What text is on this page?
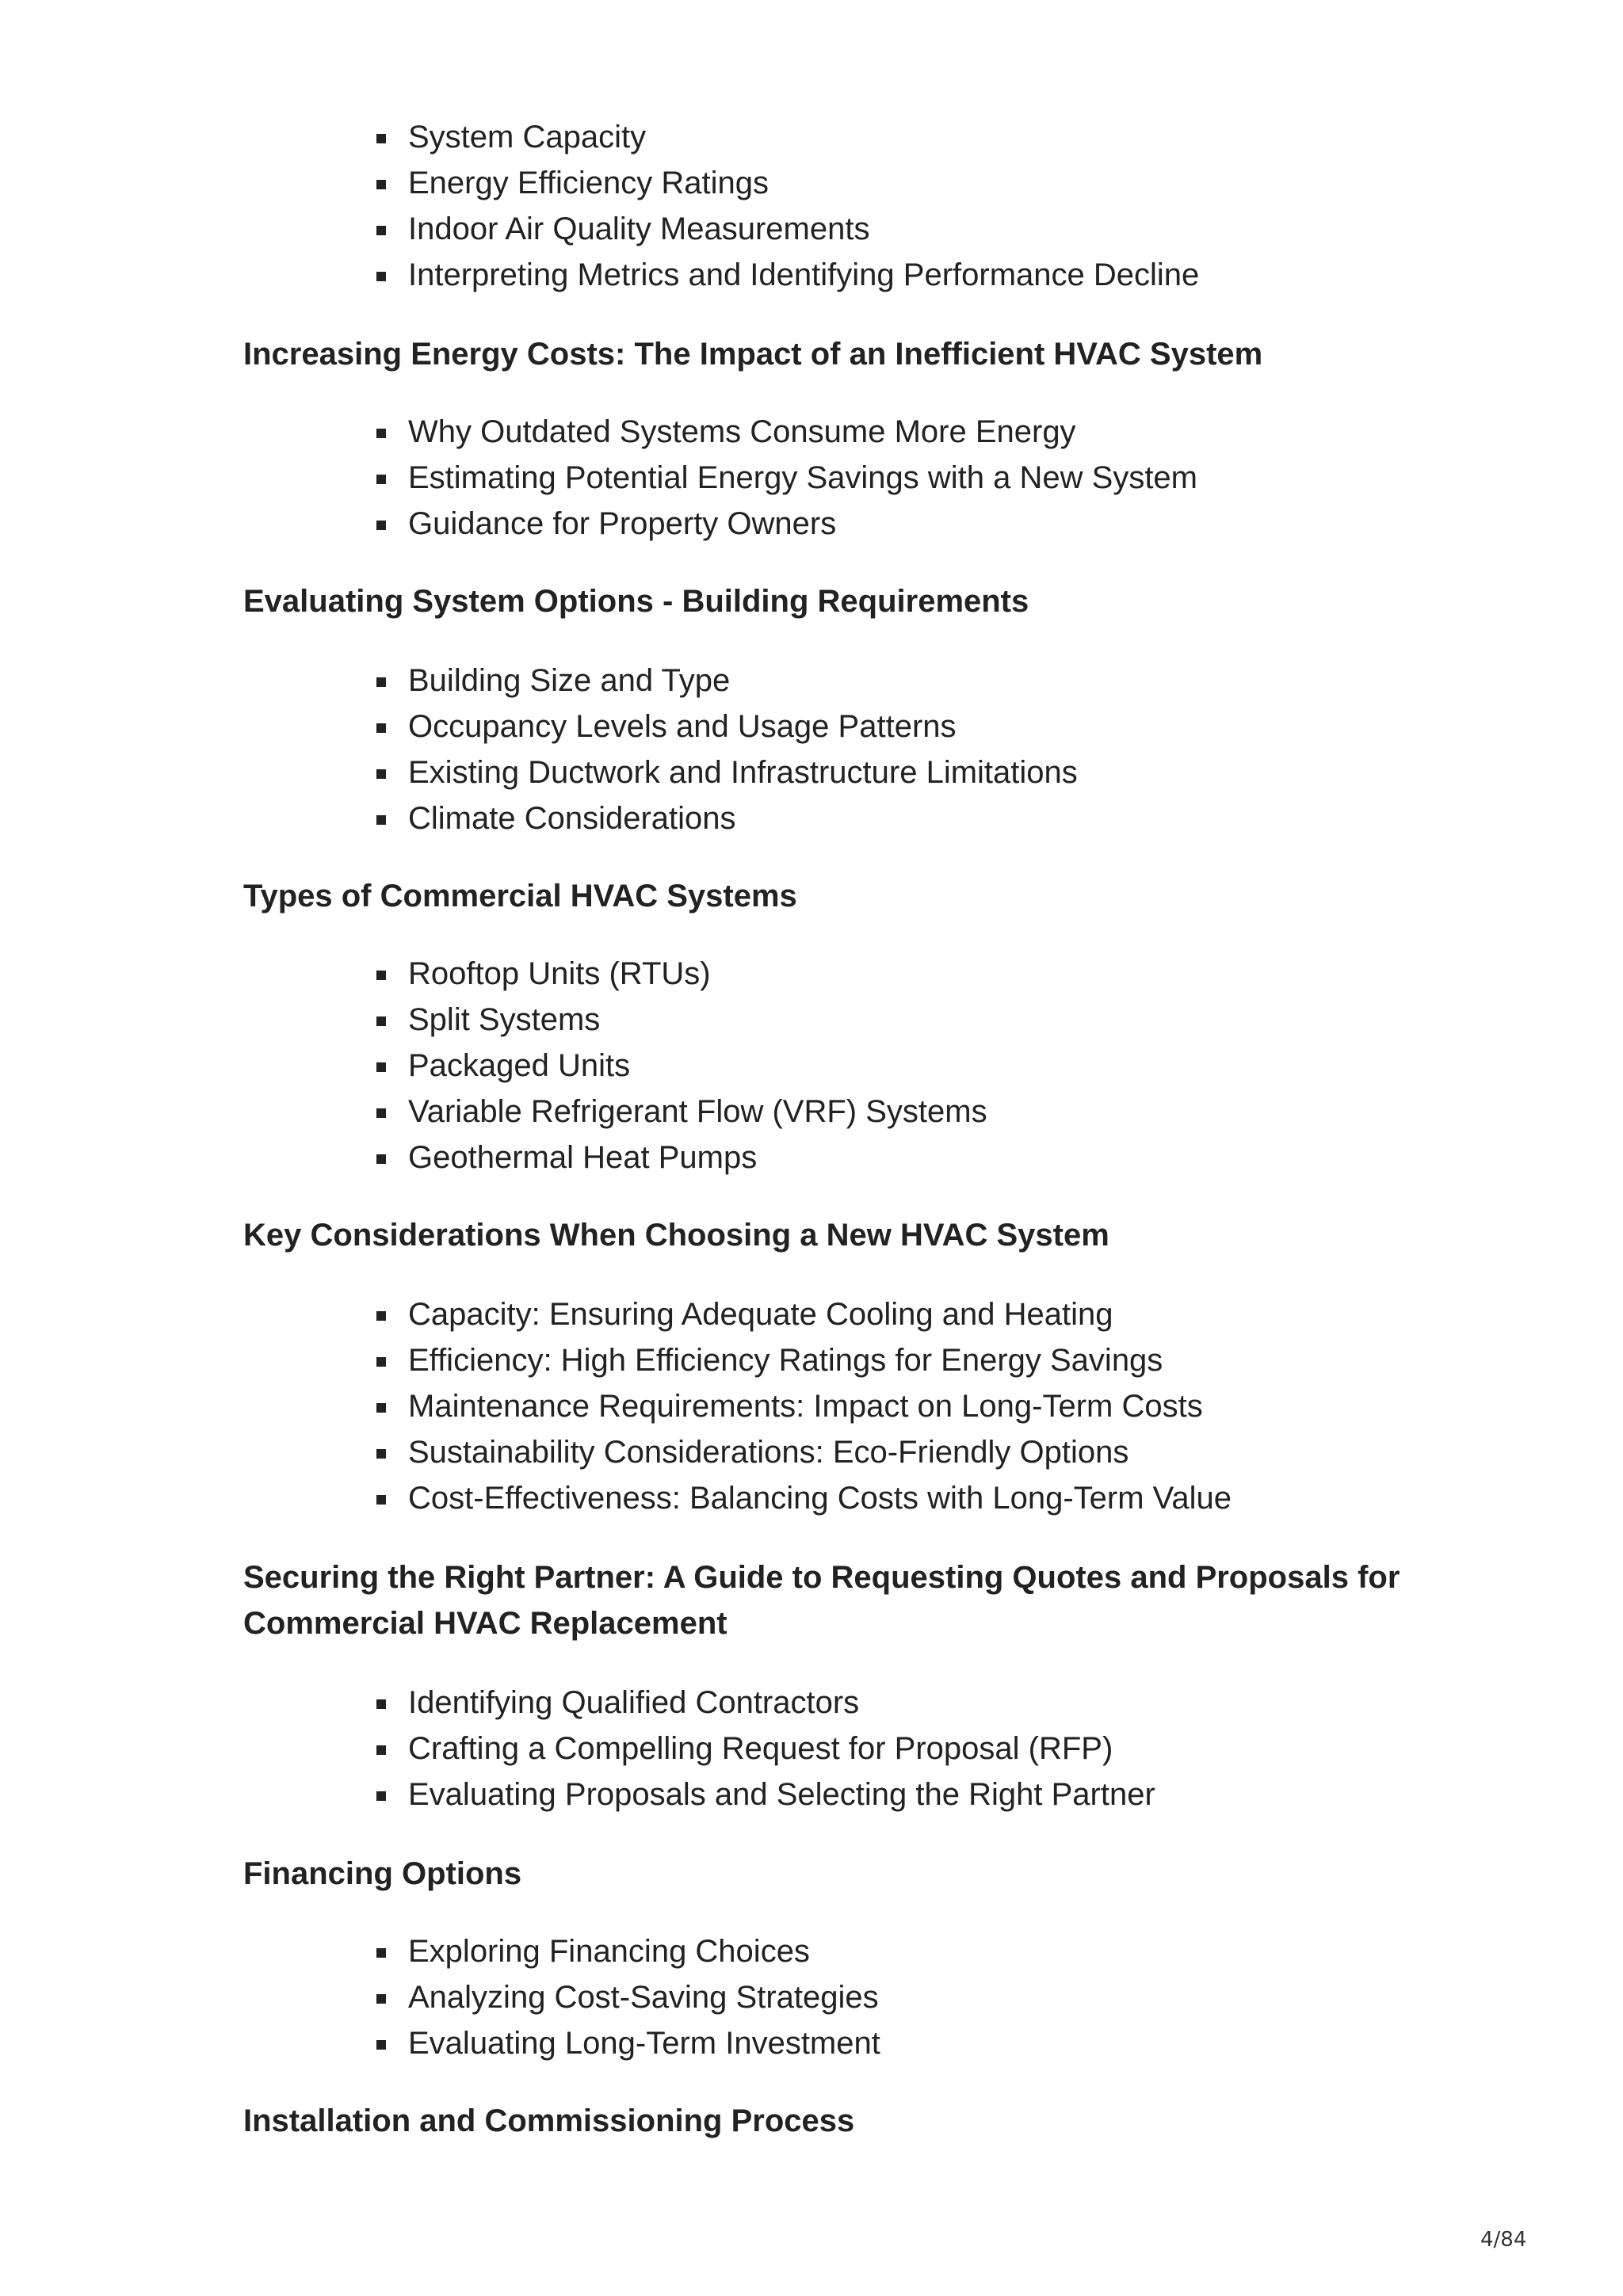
System Capacity
Energy Efficiency Ratings
Indoor Air Quality Measurements
Interpreting Metrics and Identifying Performance Decline
Increasing Energy Costs: The Impact of an Inefficient HVAC System
Why Outdated Systems Consume More Energy
Estimating Potential Energy Savings with a New System
Guidance for Property Owners
Evaluating System Options - Building Requirements
Building Size and Type
Occupancy Levels and Usage Patterns
Existing Ductwork and Infrastructure Limitations
Climate Considerations
Types of Commercial HVAC Systems
Rooftop Units (RTUs)
Split Systems
Packaged Units
Variable Refrigerant Flow (VRF) Systems
Geothermal Heat Pumps
Key Considerations When Choosing a New HVAC System
Capacity: Ensuring Adequate Cooling and Heating
Efficiency: High Efficiency Ratings for Energy Savings
Maintenance Requirements: Impact on Long-Term Costs
Sustainability Considerations: Eco-Friendly Options
Cost-Effectiveness: Balancing Costs with Long-Term Value
Securing the Right Partner: A Guide to Requesting Quotes and Proposals for Commercial HVAC Replacement
Identifying Qualified Contractors
Crafting a Compelling Request for Proposal (RFP)
Evaluating Proposals and Selecting the Right Partner
Financing Options
Exploring Financing Choices
Analyzing Cost-Saving Strategies
Evaluating Long-Term Investment
Installation and Commissioning Process
4/84
